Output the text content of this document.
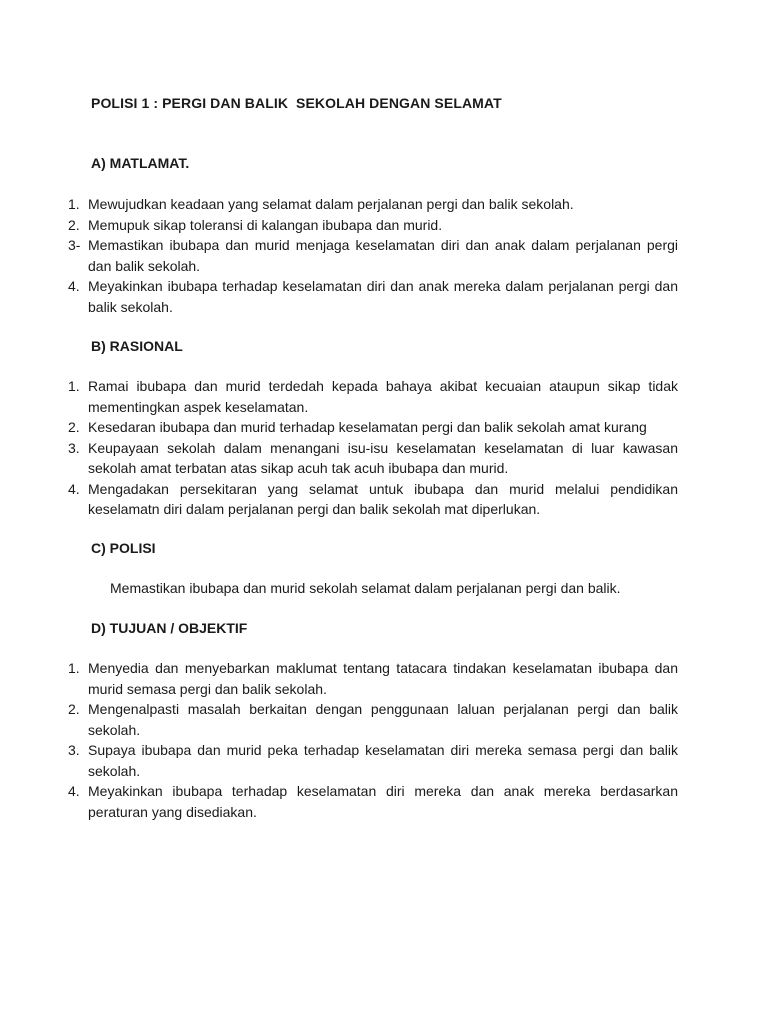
POLISI 1 : PERGI DAN BALIK  SEKOLAH DENGAN SELAMAT
A) MATLAMAT.
1. Mewujudkan keadaan yang selamat dalam perjalanan pergi dan balik sekolah.
2. Memupuk sikap toleransi di kalangan ibubapa dan murid.
3- Memastikan ibubapa dan murid menjaga keselamatan diri dan anak dalam perjalanan pergi dan balik sekolah.
4. Meyakinkan ibubapa terhadap keselamatan diri dan anak mereka dalam perjalanan pergi dan balik sekolah.
B) RASIONAL
1. Ramai ibubapa dan murid terdedah kepada bahaya akibat kecuaian ataupun sikap tidak mementingkan aspek keselamatan.
2. Kesedaran ibubapa dan murid terhadap keselamatan pergi dan balik sekolah amat kurang
3. Keupayaan sekolah dalam menangani isu-isu keselamatan keselamatan di luar kawasan sekolah amat terbatan atas sikap acuh tak acuh ibubapa dan murid.
4. Mengadakan persekitaran yang selamat untuk ibubapa dan murid melalui pendidikan keselamatn diri dalam perjalanan pergi dan balik sekolah mat diperlukan.
C) POLISI

Memastikan ibubapa dan murid sekolah selamat dalam perjalanan pergi dan balik.

D) TUJUAN / OBJEKTIF
1. Menyedia dan menyebarkan maklumat tentang tatacara tindakan keselamatan ibubapa dan murid semasa pergi dan balik sekolah.
2. Mengenalpasti masalah berkaitan dengan penggunaan laluan perjalanan pergi dan balik sekolah.
3. Supaya ibubapa dan murid peka terhadap keselamatan diri mereka semasa pergi dan balik sekolah.
4. Meyakinkan ibubapa terhadap keselamatan diri mereka dan anak mereka berdasarkan peraturan yang disediakan.
